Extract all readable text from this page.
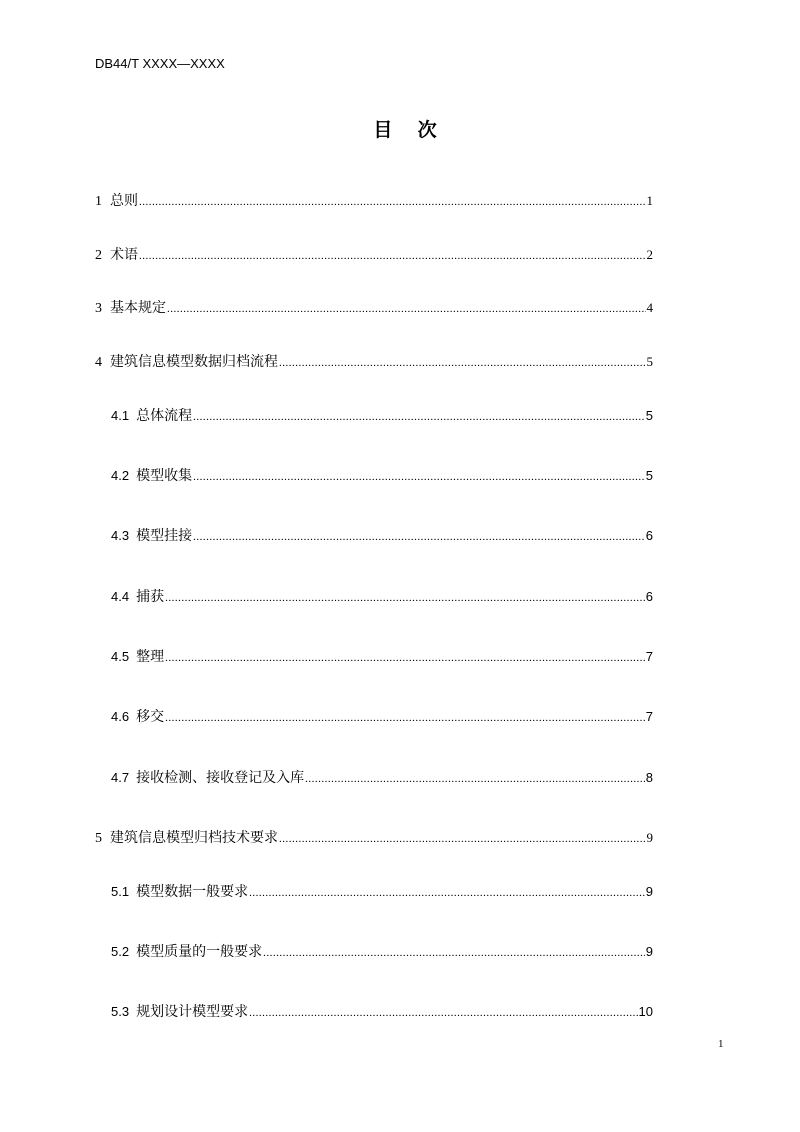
DB44/T XXXX—XXXX
目 次
1 总则 .....	1
2 术语 .....	2
3 基本规定 .....	4
4 建筑信息模型数据归档流程 .....	5
4.1 总体流程 .....	5
4.2 模型收集 .....	5
4.3 模型挂接 .....	6
4.4 捕获 .....	6
4.5 整理 .....	7
4.6 移交 .....	7
4.7 接收检测、接收登记及入库 .....	8
5 建筑信息模型归档技术要求 .....	9
5.1 模型数据一般要求 .....	9
5.2 模型质量的一般要求 .....	9
5.3 规划设计模型要求 .....	10
1
